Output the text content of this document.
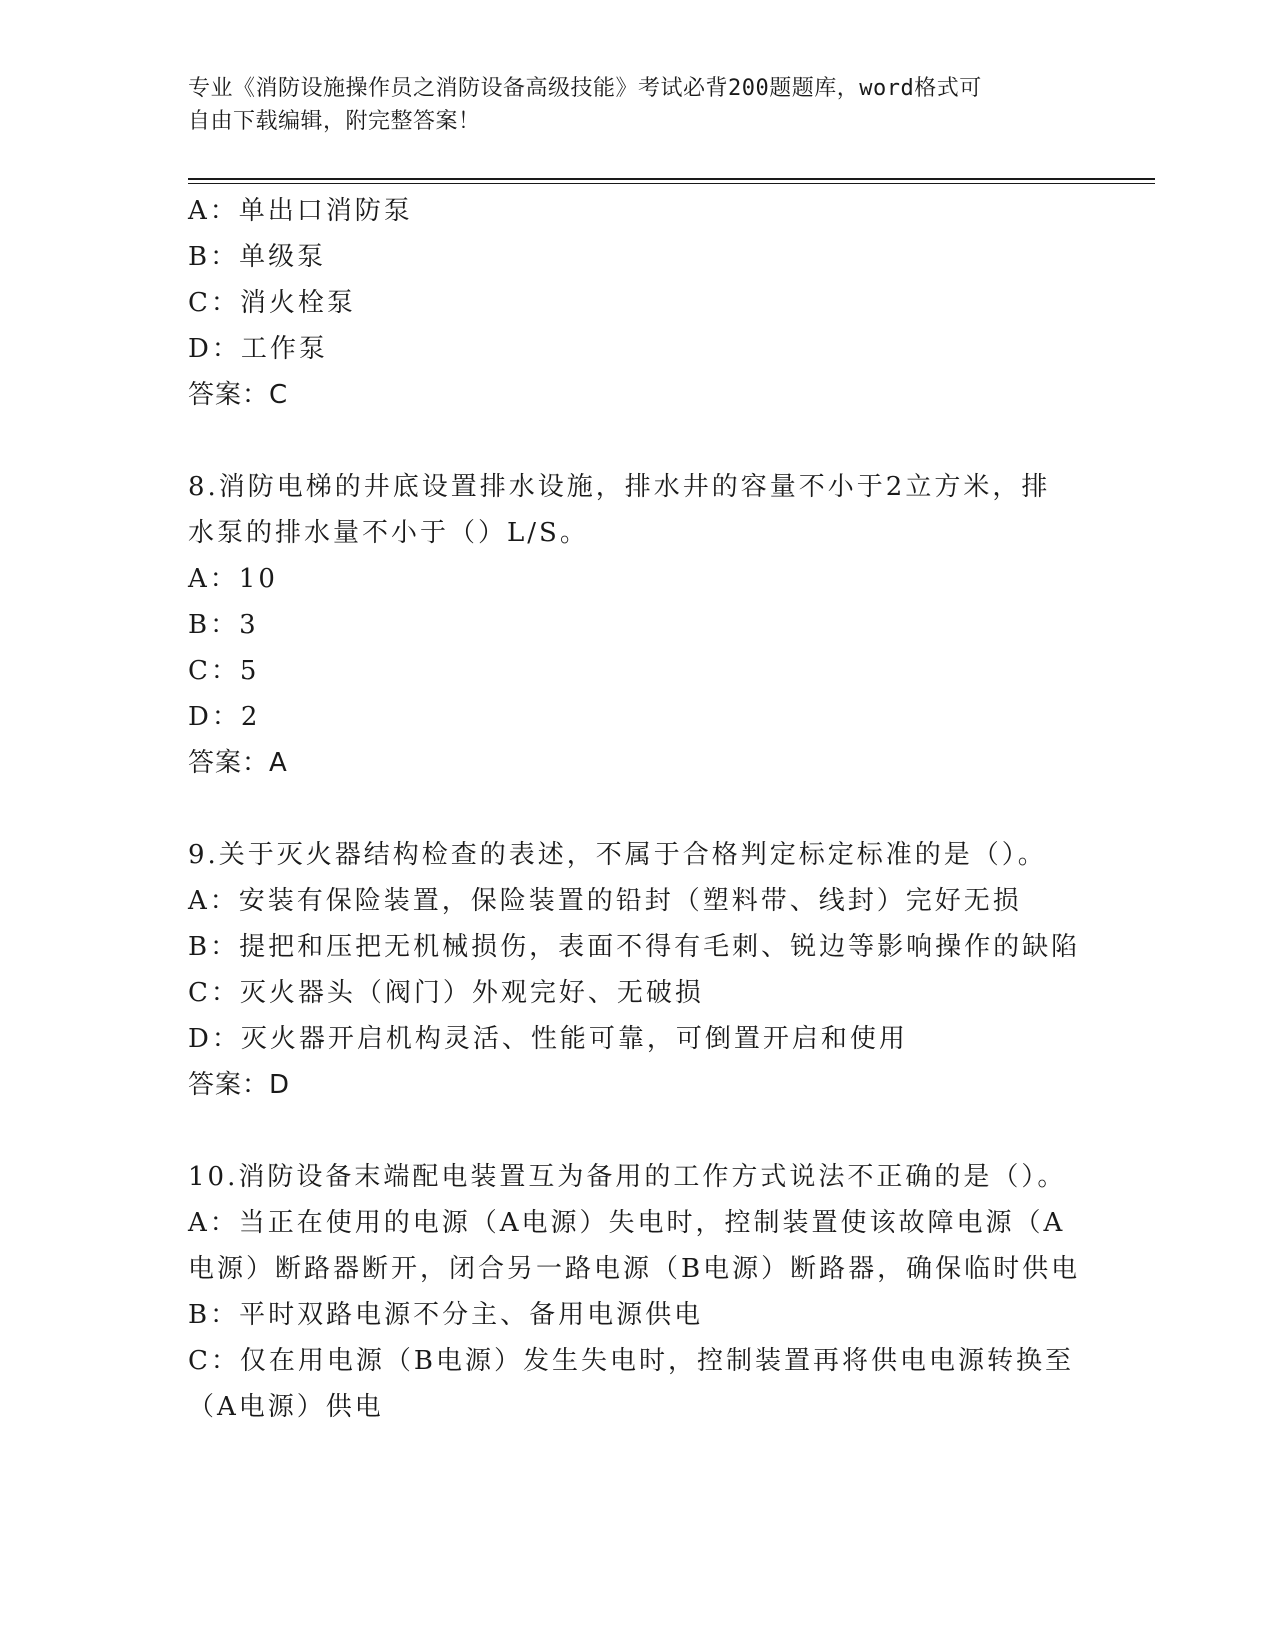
专业《消防设施操作员之消防设备高级技能》考试必背200题题库，word格式可
自由下载编辑，附完整答案！
A：单出口消防泵
B：单级泵
C：消火栓泵
D：工作泵
答案：C
8.消防电梯的井底设置排水设施，排水井的容量不小于2立方米，排
水泵的排水量不小于（）L/S。
A：10
B：3
C：5
D：2
答案：A
9.关于灭火器结构检查的表述，不属于合格判定标定标准的是（）。
A：安装有保险装置，保险装置的铅封（塑料带、线封）完好无损
B：提把和压把无机械损伤，表面不得有毛刺、锐边等影响操作的缺陷
C：灭火器头（阀门）外观完好、无破损
D：灭火器开启机构灵活、性能可靠，可倒置开启和使用
答案：D
10.消防设备末端配电装置互为备用的工作方式说法不正确的是（）。
A：当正在使用的电源（A电源）失电时，控制装置使该故障电源（A
电源）断路器断开，闭合另一路电源（B电源）断路器，确保临时供电
B：平时双路电源不分主、备用电源供电
C：仅在用电源（B电源）发生失电时，控制装置再将供电电源转换至
（A电源）供电
